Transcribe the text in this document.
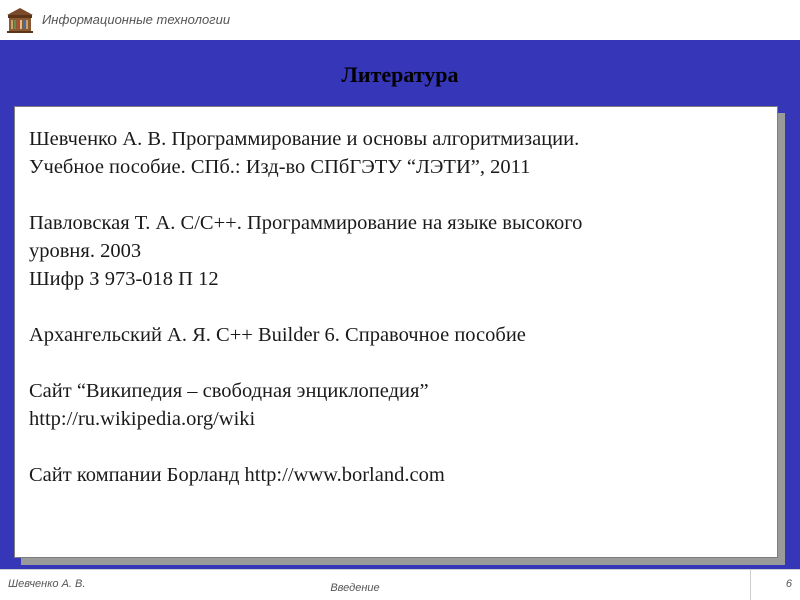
Информационные технологии
Литература
Шевченко А. В. Программирование и основы алгоритмизации.
Учебное пособие. СПб.: Изд-во СПбГЭТУ “ЛЭТИ”, 2011
Павловская Т. А. С/С++. Программирование на языке высокого
уровня. 2003
Шифр З 973-018 П 12
Архангельский А. Я. C++ Builder 6. Справочное пособие
Сайт “Википедия – свободная энциклопедия”
http://ru.wikipedia.org/wiki
Сайт компании Борланд http://www.borland.com
Шевченко А. В.	Введение	6
